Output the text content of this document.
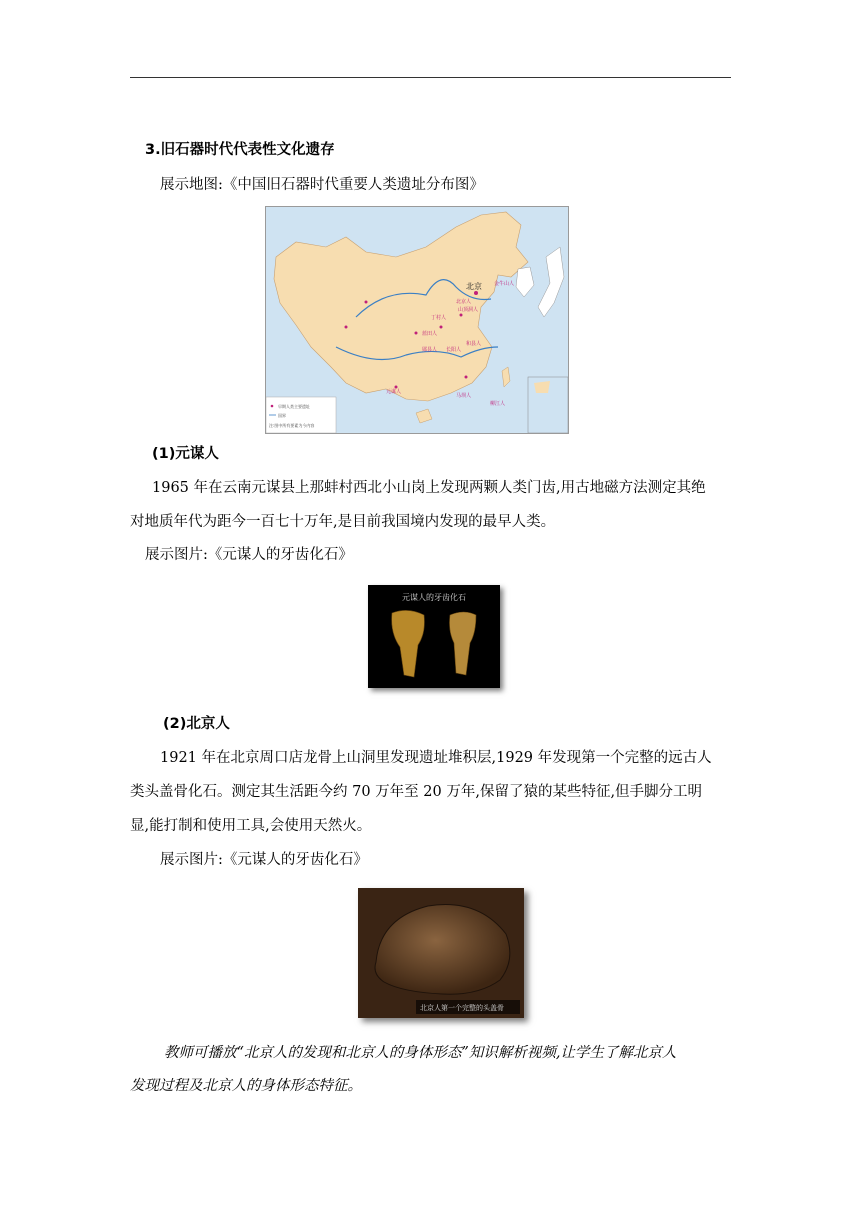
3.旧石器时代代表性文化遗存
展示地图:《中国旧石器时代重要人类遗址分布图》
北京 金牛山人
北京人
山顶洞人
丁村人
蓝田人
郧县人 长阳人
和县人
元谋人
马坝人
柳江人
早期人类主要遗址
国界
注:图中所有要素为今内容
(1)元谋人
1965 年在云南元谋县上那蚌村西北小山岗上发现两颗人类门齿,用古地磁方法测定其绝
对地质年代为距今一百七十万年,是目前我国境内发现的最早人类。
展示图片:《元谋人的牙齿化石》
元谋人的牙齿化石
(2)北京人
1921 年在北京周口店龙骨上山洞里发现遗址堆积层,1929 年发现第一个完整的远古人
类头盖骨化石。测定其生活距今约 70 万年至 20 万年,保留了猿的某些特征,但手脚分工明
显,能打制和使用工具,会使用天然火。
展示图片:《元谋人的牙齿化石》
北京人第一个完整的头盖骨
教师可播放“北京人的发现和北京人的身体形态”知识解析视频,让学生了解北京人
发现过程及北京人的身体形态特征。
